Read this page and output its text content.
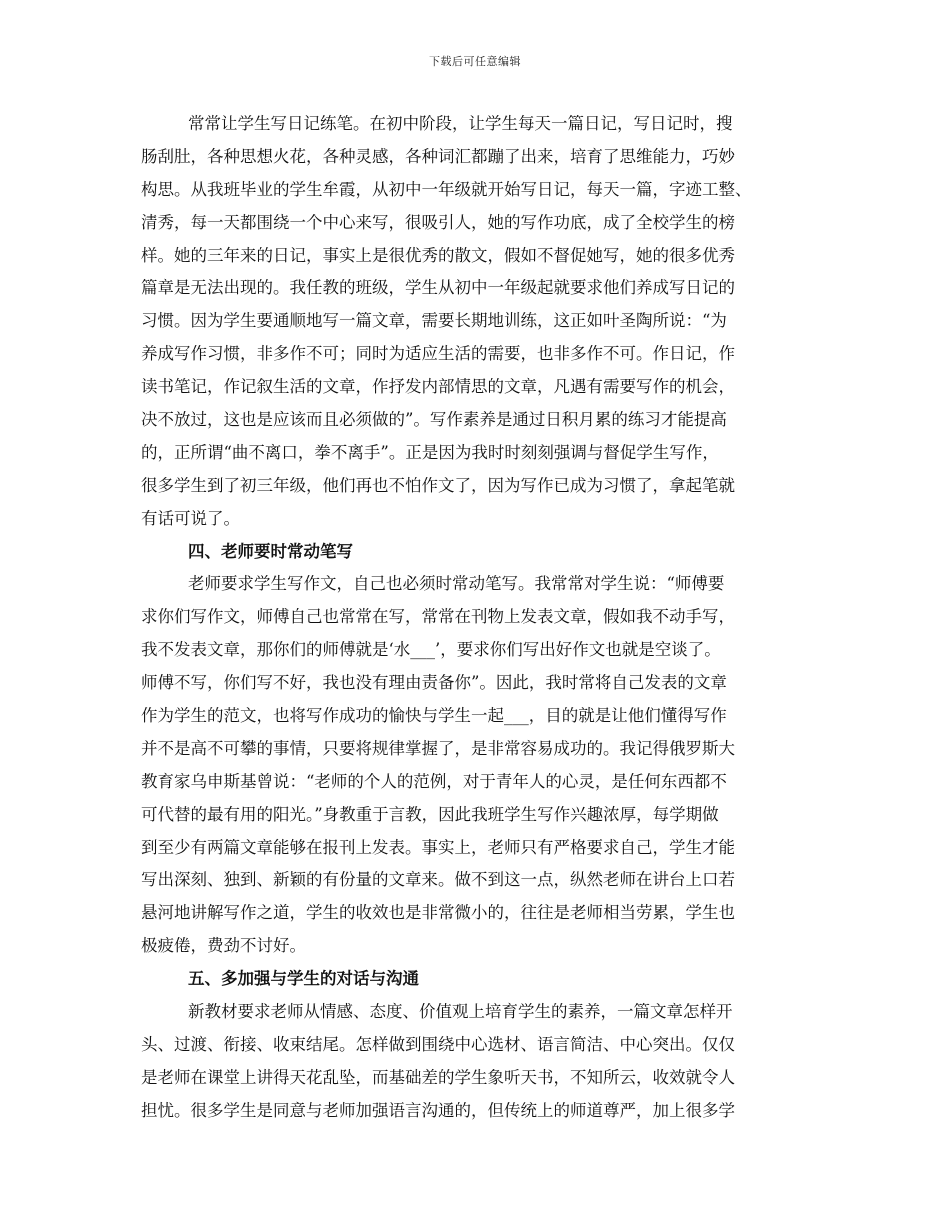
下载后可任意编辑
常常让学生写日记练笔。在初中阶段，让学生每天一篇日记，写日记时，搜
肠刮肚，各种思想火花，各种灵感，各种词汇都蹦了出来，培育了思维能力，巧妙
构思。从我班毕业的学生牟霞，从初中一年级就开始写日记，每天一篇，字迹工整、
清秀，每一天都围绕一个中心来写，很吸引人，她的写作功底，成了全校学生的榜
样。她的三年来的日记，事实上是很优秀的散文，假如不督促她写，她的很多优秀
篇章是无法出现的。我任教的班级，学生从初中一年级起就要求他们养成写日记的
习惯。因为学生要通顺地写一篇文章，需要长期地训练，这正如叶圣陶所说：“为
养成写作习惯，非多作不可；同时为适应生活的需要，也非多作不可。作日记，作
读书笔记，作记叙生活的文章，作抒发内部情思的文章，凡遇有需要写作的机会，
决不放过，这也是应该而且必须做的”。写作素养是通过日积月累的练习才能提高
的，正所谓“曲不离口，拳不离手”。正是因为我时时刻刻强调与督促学生写作，
很多学生到了初三年级，他们再也不怕作文了，因为写作已成为习惯了，拿起笔就
有话可说了。
四、老师要时常动笔写
老师要求学生写作文，自己也必须时常动笔写。我常常对学生说：“师傅要
求你们写作文，师傅自己也常常在写，常常在刊物上发表文章，假如我不动手写，
我不发表文章，那你们的师傅就是‘水___’，要求你们写出好作文也就是空谈了。
师傅不写，你们写不好，我也没有理由责备你”。因此，我时常将自己发表的文章
作为学生的范文，也将写作成功的愉快与学生一起___，目的就是让他们懂得写作
并不是高不可攀的事情，只要将规律掌握了，是非常容易成功的。我记得俄罗斯大
教育家乌申斯基曾说：“老师的个人的范例，对于青年人的心灵，是任何东西都不
可代替的最有用的阳光。”身教重于言教，因此我班学生写作兴趣浓厚，每学期做
到至少有两篇文章能够在报刊上发表。事实上，老师只有严格要求自己，学生才能
写出深刻、独到、新颖的有份量的文章来。做不到这一点，纵然老师在讲台上口若
悬河地讲解写作之道，学生的收效也是非常微小的，往往是老师相当劳累，学生也
极疲倦，费劲不讨好。
五、多加强与学生的对话与沟通
新教材要求老师从情感、态度、价值观上培育学生的素养，一篇文章怎样开
头、过渡、衔接、收束结尾。怎样做到围绕中心选材、语言简洁、中心突出。仅仅
是老师在课堂上讲得天花乱坠，而基础差的学生象听天书，不知所云，收效就令人
担忧。很多学生是同意与老师加强语言沟通的，但传统上的师道尊严，加上很多学
